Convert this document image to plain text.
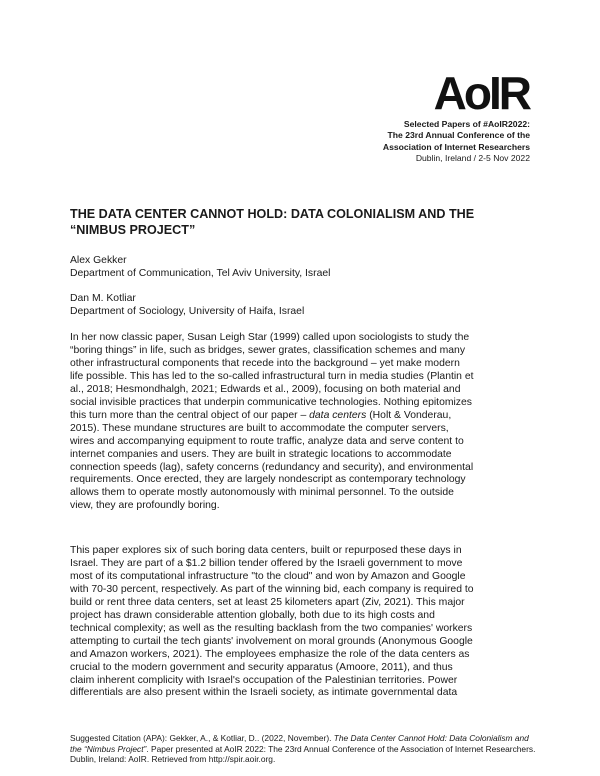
AoIR
Selected Papers of #AoIR2022:
The 23rd Annual Conference of the
Association of Internet Researchers
Dublin, Ireland / 2-5 Nov 2022
THE DATA CENTER CANNOT HOLD: DATA COLONIALISM AND THE
“NIMBUS PROJECT”
Alex Gekker
Department of Communication, Tel Aviv University, Israel
Dan M. Kotliar
Department of Sociology, University of Haifa, Israel
In her now classic paper, Susan Leigh Star (1999) called upon sociologists to study the
“boring things” in life, such as bridges, sewer grates, classification schemes and many
other infrastructural components that recede into the background – yet make modern
life possible. This has led to the so-called infrastructural turn in media studies (Plantin et
al., 2018; Hesmondhalgh, 2021; Edwards et al., 2009), focusing on both material and
social invisible practices that underpin communicative technologies. Nothing epitomizes
this turn more than the central object of our paper – data centers (Holt & Vonderau,
2015). These mundane structures are built to accommodate the computer servers,
wires and accompanying equipment to route traffic, analyze data and serve content to
internet companies and users. They are built in strategic locations to accommodate
connection speeds (lag), safety concerns (redundancy and security), and environmental
requirements. Once erected, they are largely nondescript as contemporary technology
allows them to operate mostly autonomously with minimal personnel. To the outside
view, they are profoundly boring.
This paper explores six of such boring data centers, built or repurposed these days in
Israel. They are part of a $1.2 billion tender offered by the Israeli government to move
most of its computational infrastructure "to the cloud" and won by Amazon and Google
with 70-30 percent, respectively. As part of the winning bid, each company is required to
build or rent three data centers, set at least 25 kilometers apart (Ziv, 2021). This major
project has drawn considerable attention globally, both due to its high costs and
technical complexity; as well as the resulting backlash from the two companies' workers
attempting to curtail the tech giants' involvement on moral grounds (Anonymous Google
and Amazon workers, 2021). The employees emphasize the role of the data centers as
crucial to the modern government and security apparatus (Amoore, 2011), and thus
claim inherent complicity with Israel's occupation of the Palestinian territories. Power
differentials are also present within the Israeli society, as intimate governmental data
Suggested Citation (APA): Gekker, A., & Kotliar, D.. (2022, November). The Data Center Cannot Hold: Data Colonialism and the “Nimbus Project”. Paper presented at AoIR 2022: The 23rd Annual Conference of the Association of Internet Researchers. Dublin, Ireland: AoIR. Retrieved from http://spir.aoir.org.
